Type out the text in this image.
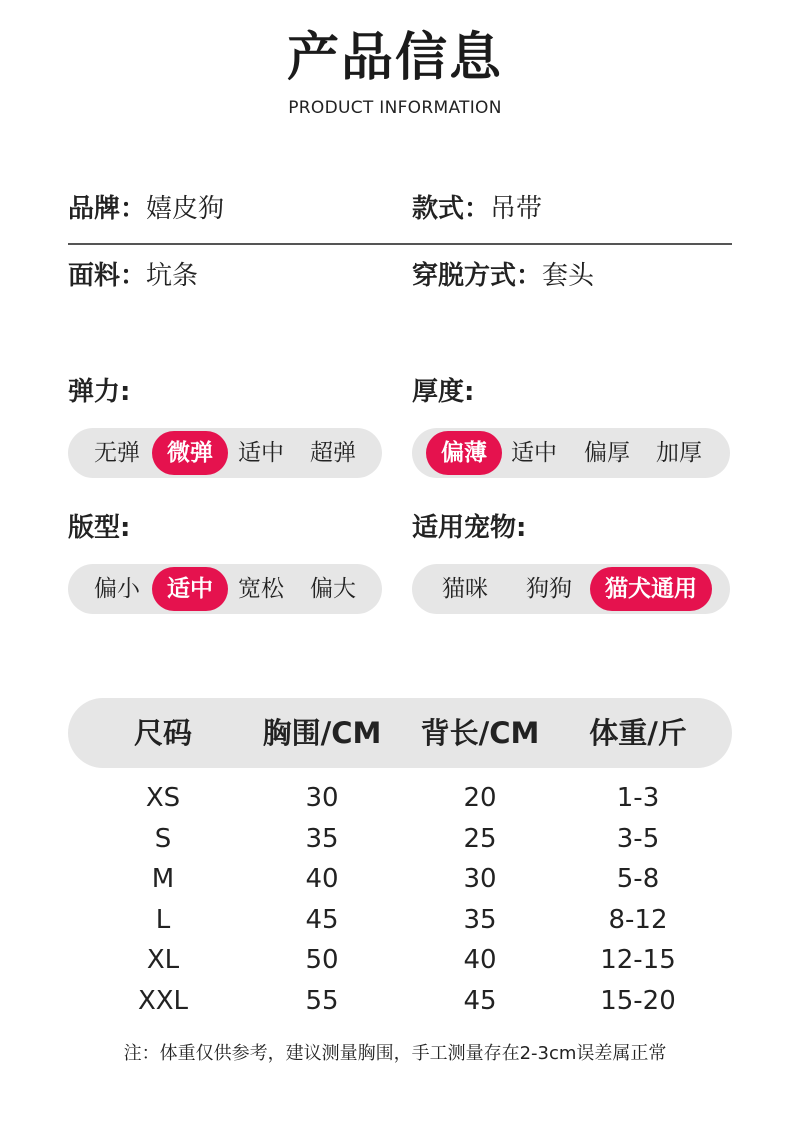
产品信息
PRODUCT INFORMATION
品牌：嬉皮狗	款式：吊带
面料：坑条	穿脱方式：套头
弹力:
无弹	微弹	适中	超弹
厚度:
偏薄	适中	偏厚	加厚
版型:
偏小	适中	宽松	偏大
适用宠物:
猫咪	狗狗	猫犬通用
尺码	胸围/CM	背长/CM	体重/斤
XS	30	20	1-3
S	35	25	3-5
M	40	30	5-8
L	45	35	8-12
XL	50	40	12-15
XXL	55	45	15-20
注：体重仅供参考，建议测量胸围，手工测量存在2-3cm误差属正常
